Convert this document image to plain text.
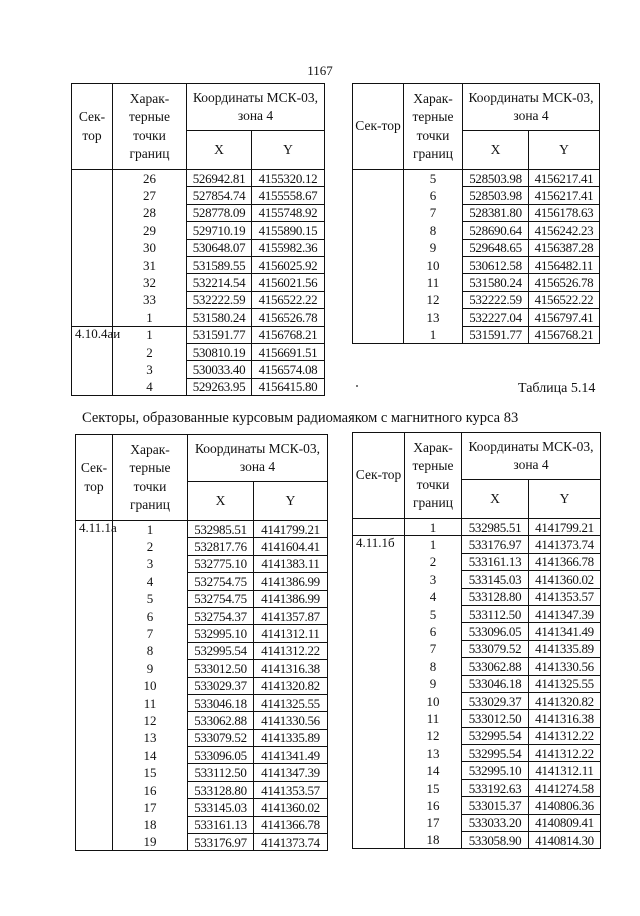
1167
Сек-тор	Харак-терные точки границ	Координаты МСК-03, зона 4	
		X	Y
	26	526942.81	4155320.12
	27	527854.74	4155558.67
	28	528778.09	4155748.92
	29	529710.19	4155890.15
	30	530648.07	4155982.36
	31	531589.55	4156025.92
	32	532214.54	4156021.56
	33	532222.59	4156522.22
	1	531580.24	4156526.78
4.10.4аи	1	531591.77	4156768.21
	2	530810.19	4156691.51
	3	530033.40	4156574.08
	4	529263.95	4156415.80
Сек-тор	Харак-терные точки границ	Координаты МСК-03, зона 4	
		X	Y
	5	528503.98	4156217.41
	6	528503.98	4156217.41
	7	528381.80	4156178.63
	8	528690.64	4156242.23
	9	529648.65	4156387.28
	10	530612.58	4156482.11
	11	531580.24	4156526.78
	12	532222.59	4156522.22
	13	532227.04	4156797.41
	1	531591.77	4156768.21
Таблица 5.14
Секторы, образованные курсовым радиомаяком с магнитного курса 83
Сек-тор	Харак-терные точки границ	Координаты МСК-03, зона 4	
		X	Y
4.11.1а	1	532985.51	4141799.21
	2	532817.76	4141604.41
	3	532775.10	4141383.11
	4	532754.75	4141386.99
	5	532754.75	4141386.99
	6	532754.37	4141357.87
	7	532995.10	4141312.11
	8	532995.54	4141312.22
	9	533012.50	4141316.38
	10	533029.37	4141320.82
	11	533046.18	4141325.55
	12	533062.88	4141330.56
	13	533079.52	4141335.89
	14	533096.05	4141341.49
	15	533112.50	4141347.39
	16	533128.80	4141353.57
	17	533145.03	4141360.02
	18	533161.13	4141366.78
	19	533176.97	4141373.74
Сек-тор	Харак-терные точки границ	Координаты МСК-03, зона 4	
		X	Y
	1	532985.51	4141799.21
4.11.1б	1	533176.97	4141373.74
	2	533161.13	4141366.78
	3	533145.03	4141360.02
	4	533128.80	4141353.57
	5	533112.50	4141347.39
	6	533096.05	4141341.49
	7	533079.52	4141335.89
	8	533062.88	4141330.56
	9	533046.18	4141325.55
	10	533029.37	4141320.82
	11	533012.50	4141316.38
	12	532995.54	4141312.22
	13	532995.54	4141312.22
	14	532995.10	4141312.11
	15	533192.63	4141274.58
	16	533015.37	4140806.36
	17	533033.20	4140809.41
	18	533058.90	4140814.30
